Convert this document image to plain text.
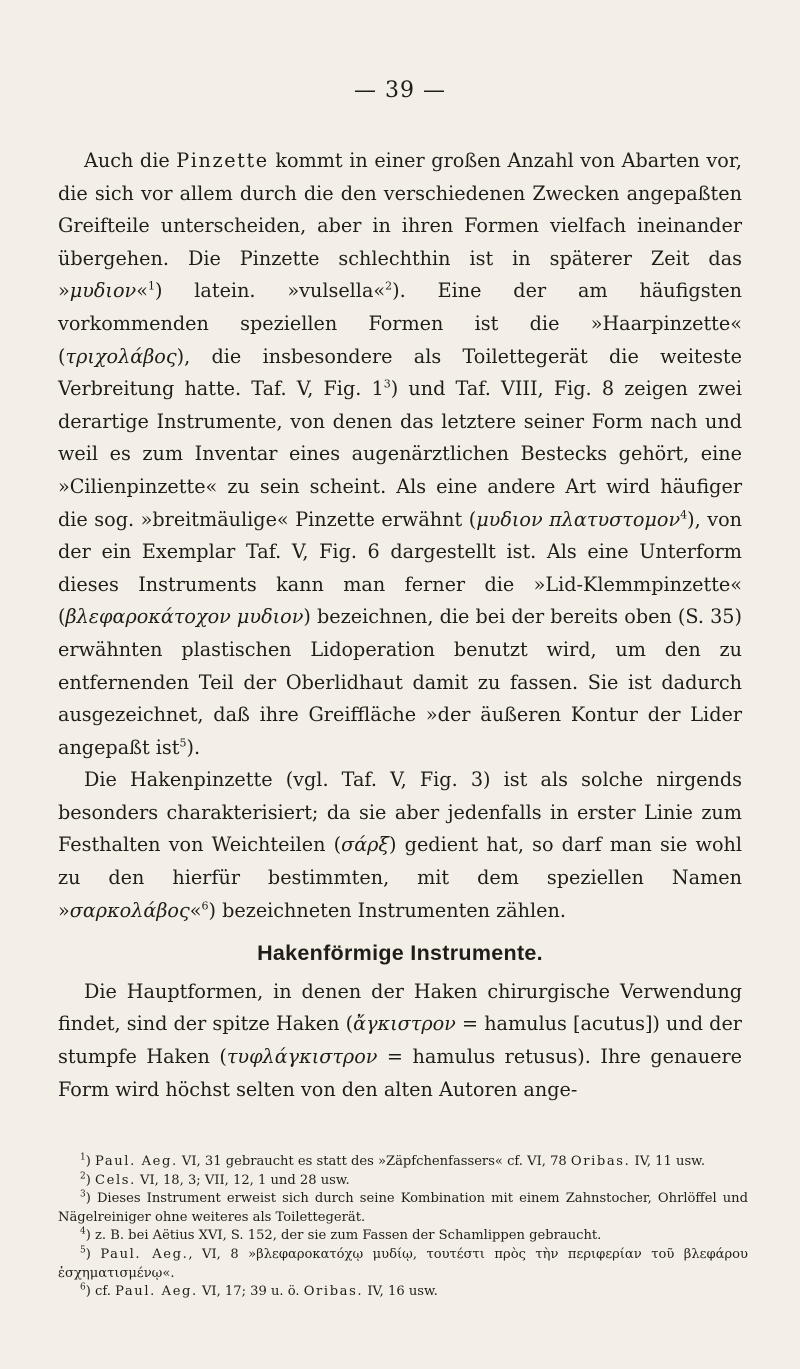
— 39 —

Auch die Pinzette kommt in einer großen Anzahl von Abarten vor, die sich vor allem durch die den verschiedenen Zwecken angepaßten Greifteile unterscheiden, aber in ihren Formen vielfach ineinander übergehen. Die Pinzette schlechthin ist in späterer Zeit das »μυδιον«$^1$) latein. »vulsella«$^2$). Eine der am häufigsten vorkommenden speziellen Formen ist die »Haarpinzette« (τριχολάβος), die insbesondere als Toilettegerät die weiteste Verbreitung hatte. Taf. V, Fig. $1^3$) und Taf. VIII, Fig. 8 zeigen zwei derartige Instrumente, von denen das letztere seiner Form nach und weil es zum Inventar eines augenärztlichen Bestecks gehört, eine »Cilienpinzette« zu sein scheint. Als eine andere Art wird häufiger die sog. »breitmäulige« Pinzette erwähnt (μυδιον πλατυστομον$^4$), von der ein Exemplar Taf. V, Fig. 6 dargestellt ist. Als eine Unterform dieses Instruments kann man ferner die »Lid-Klemmpinzette« (βλεφαροκάτοχον μυδιον) bezeichnen, die bei der bereits oben (S. 35) erwähnten plastischen Lidoperation benutzt wird, um den zu entfernenden Teil der Oberlidhaut damit zu fassen. Sie ist dadurch ausgezeichnet, daß ihre Greiffläche »der äußeren Kontur der Lider angepaßt ist$^5$).

Die Hakenpinzette (vgl. Taf. V, Fig. 3) ist als solche nirgends besonders charakterisiert; da sie aber jedenfalls in erster Linie zum Festhalten von Weichteilen (σάρξ) gedient hat, so darf man sie wohl zu den hierfür bestimmten, mit dem speziellen Namen »σαρκολάβος«$^6$) bezeichneten Instrumenten zählen.

Hakenförmige Instrumente.

Die Hauptformen, in denen der Haken chirurgische Verwendung findet, sind der spitze Haken (ἄγκιστρον = hamulus [acutus]) und der stumpfe Haken (τυφλάγκιστρον = hamulus retusus). Ihre genauere Form wird höchst selten von den alten Autoren ange-

$^1$) Paul. Aeg. VI, 31 gebraucht es statt des »Zäpfchenfassers« cf. VI, 78 Oribas. IV, 11 usw.
$^2$) Cels. VI, 18, 3; VII, 12, 1 und 28 usw.
$^3$) Dieses Instrument erweist sich durch seine Kombination mit einem Zahnstocher, Ohrlöffel und Nägelreiniger ohne weiteres als Toilettegerät.
$^4$) z. B. bei Aëtius XVI, S. 152, der sie zum Fassen der Schamlippen gebraucht.
$^5$) Paul. Aeg., VI, 8 »βλεφαροκατόχῳ μυδίῳ, τουτέστι πρὸς τὴν περιφερίαν τοῦ βλεφάρου ἐσχηματισμένῳ«.
$^6$) cf. Paul. Aeg. VI, 17; 39 u. ö. Oribas. IV, 16 usw.
